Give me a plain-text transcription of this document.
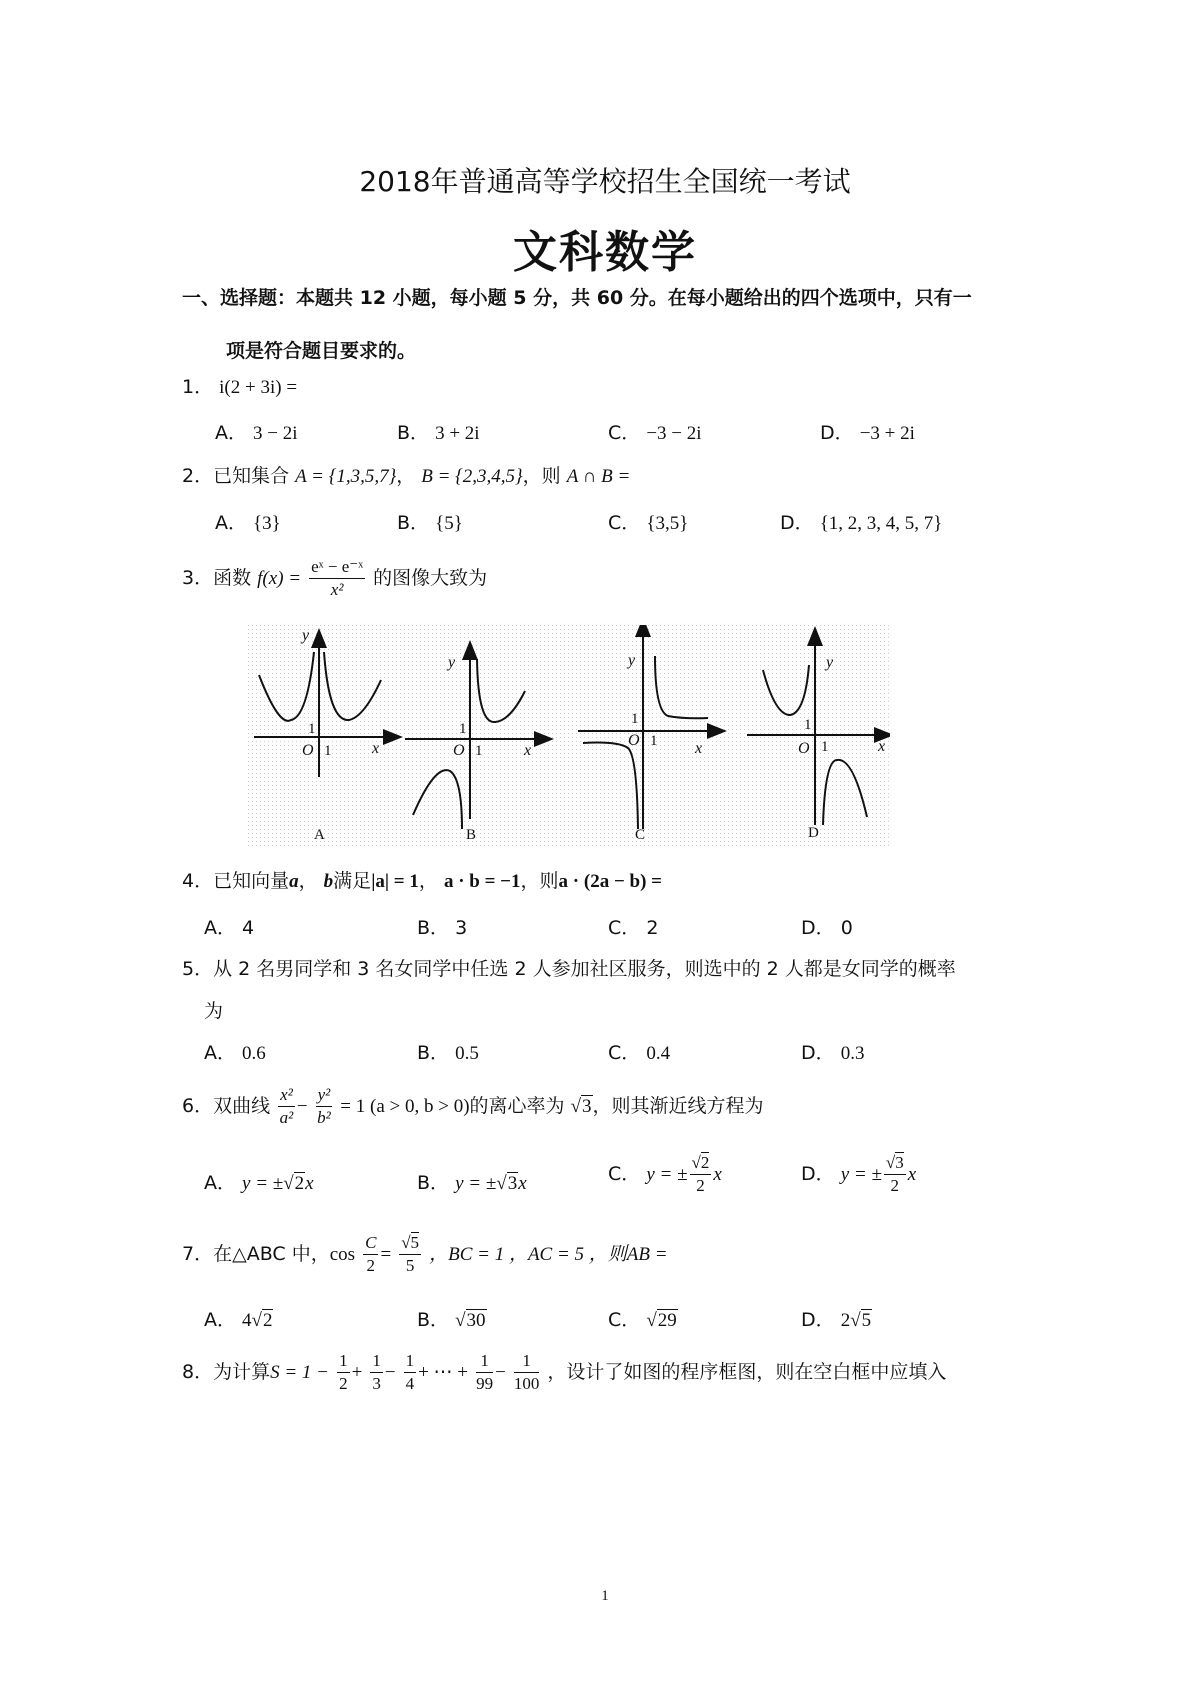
2018年普通高等学校招生全国统一考试
文科数学
一、选择题：本题共 12 小题，每小题 5 分，共 60 分。在每小题给出的四个选项中，只有一
项是符合题目要求的。
1． i(2 + 3i) =
A． 3 − 2i	B． 3 + 2i	C． −3 − 2i	D． −3 + 2i
2．已知集合 A = {1,3,5,7}， B = {2,3,4,5}，则 A ∩ B =
A． {3}	B． {5}	C． {3,5}	D． {1, 2, 3, 4, 5, 7}
3．函数 $f(x) = \frac{\text{eˣ − e⁻ˣ}}{\text{x²}}$ 的图像大致为
y
x
O
y
x
O
y
x
O
y
x
O
1
1
1
1
1
1
1
1
A	B	C	D
4．已知向量a， b满足|a| = 1， a · b = −1，则a · (2a − b) =
A． 4	B． 3	C． 2	D． 0
5．从 2 名男同学和 3 名女同学中任选 2 人参加社区服务，则选中的 2 人都是女同学的概率
为
A． 0.6	B． 0.5	C． 0.4	D． 0.3
6．双曲线 $\frac{\text{x²}}{\text{a²}} - \frac{\text{y²}}{\text{b²}} = 1$ (a > 0, b > 0)的离心率为 √3，则其渐近线方程为
A． y = ±√2x	B． y = ±√3x	C． y = ± $\frac{√2}{2}$ x	D． y = ± $\frac{√3}{2}$ x
7．在△ABC 中，$\cos \frac{C}{2} = \frac{√5}{5}$ ，BC = 1 ，AC = 5 ，则AB =
A． 4√2	B． √30	C． √29	D． 2√5
8．为计算$S = 1 - \frac{1}{2} + \frac{1}{3} - \frac{1}{4}$ + ⋯ + $\frac{1}{99} - \frac{1}{100}$ ，设计了如图的程序框图，则在空白框中应填入
1
